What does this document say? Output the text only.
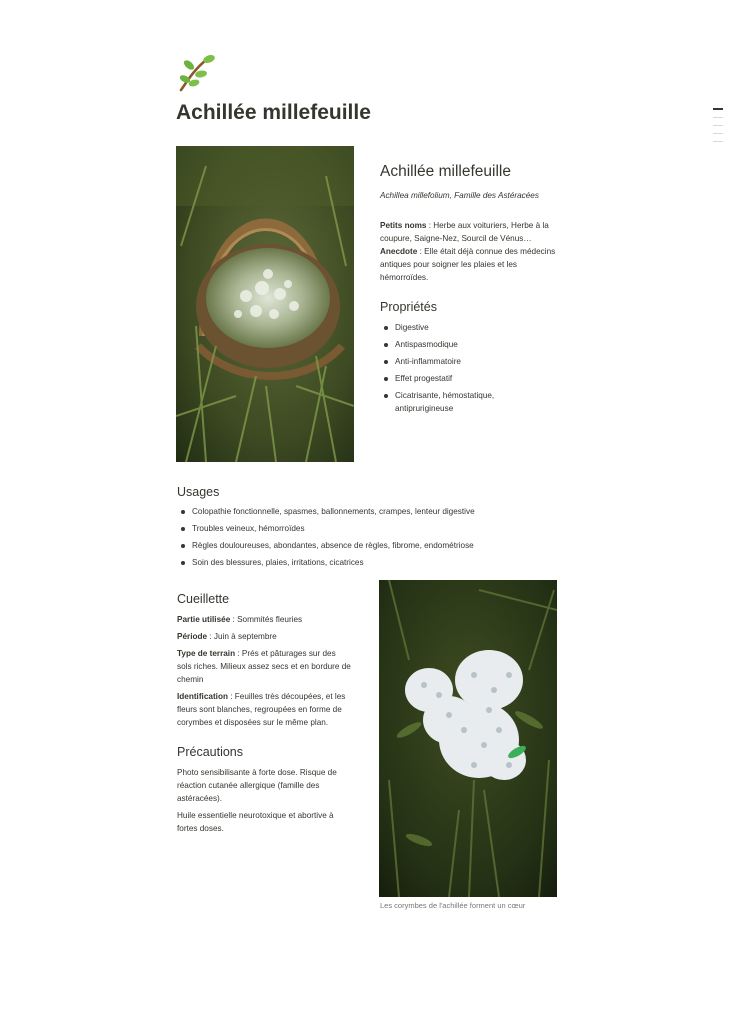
Achillée millefeuille
Achillée millefeuille
Achillea millefolium, Famille des Astéracées
Petits noms : Herbe aux voituriers, Herbe à la coupure, Saigne-Nez, Sourcil de Vénus…
Anecdote : Elle était déjà connue des médecins antiques pour soigner les plaies et les hémorroïdes.
Propriétés
Digestive
Antispasmodique
Anti-inflammatoire
Effet progestatif
Cicatrisante, hémostatique, antiprurigineuse
Usages
Colopathie fonctionnelle, spasmes, ballonnements, crampes, lenteur digestive
Troubles veineux, hémorroïdes
Règles douloureuses, abondantes, absence de règles, fibrome, endométriose
Soin des blessures, plaies, irritations, cicatrices
Cueillette
Partie utilisée : Sommités fleuries
Période : Juin à septembre
Type de terrain : Prés et pâturages sur des sols riches. Milieux assez secs et en bordure de chemin
Identification : Feuilles très découpées, et les fleurs sont blanches, regroupées en forme de corymbes et disposées sur le même plan.
Précautions
Photo sensibilisante à forte dose. Risque de réaction cutanée allergique (famille des astéracées).
Huile essentielle neurotoxique et abortive à fortes doses.
Les corymbes de l'achillée forment un cœur
